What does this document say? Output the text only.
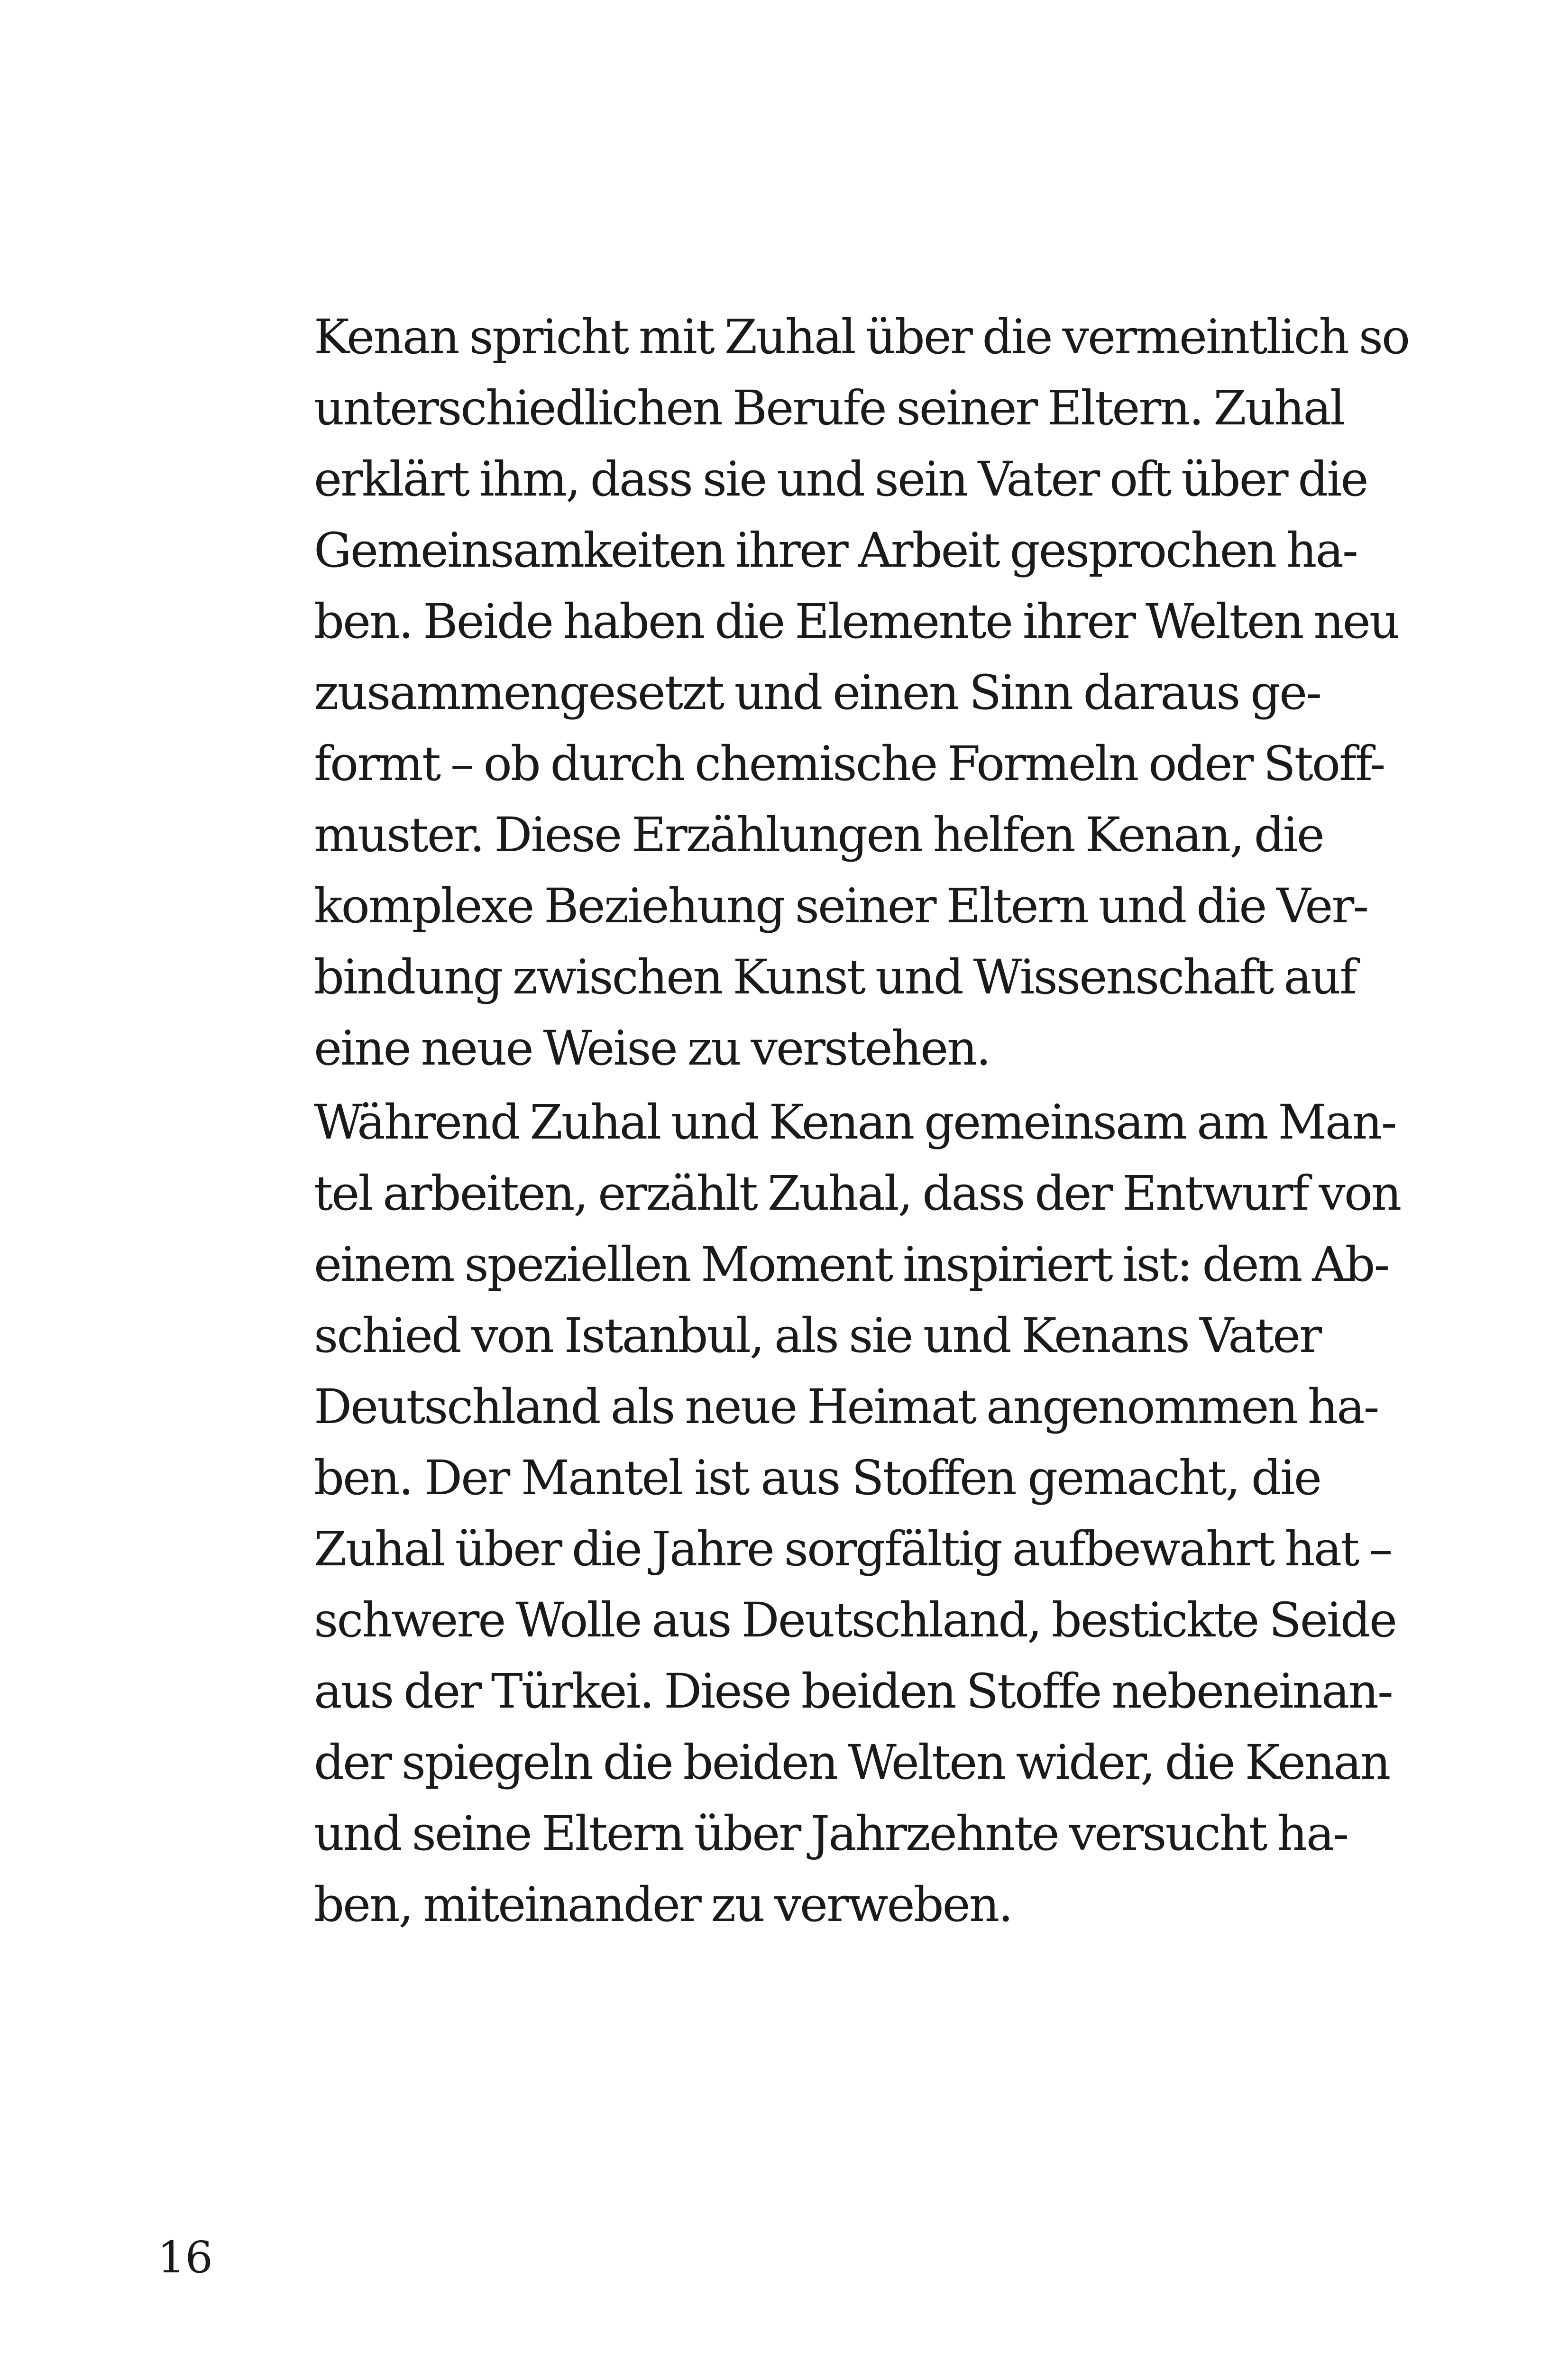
Kenan spricht mit Zuhal über die vermeintlich so
unterschiedlichen Berufe seiner Eltern. Zuhal
erklärt ihm, dass sie und sein Vater oft über die
Gemeinsamkeiten ihrer Arbeit gesprochen ha-
ben. Beide haben die Elemente ihrer Welten neu
zusammengesetzt und einen Sinn daraus ge-
formt – ob durch chemische Formeln oder Stoff-
muster. Diese Erzählungen helfen Kenan, die
komplexe Beziehung seiner Eltern und die Ver-
bindung zwischen Kunst und Wissenschaft auf
eine neue Weise zu verstehen.
Während Zuhal und Kenan gemeinsam am Man-
tel arbeiten, erzählt Zuhal, dass der Entwurf von
einem speziellen Moment inspiriert ist: dem Ab-
schied von Istanbul, als sie und Kenans Vater
Deutschland als neue Heimat angenommen ha-
ben. Der Mantel ist aus Stoffen gemacht, die
Zuhal über die Jahre sorgfältig aufbewahrt hat –
schwere Wolle aus Deutschland, bestickte Seide
aus der Türkei. Diese beiden Stoffe nebeneinan-
der spiegeln die beiden Welten wider, die Kenan
und seine Eltern über Jahrzehnte versucht ha-
ben, miteinander zu verweben.
16
